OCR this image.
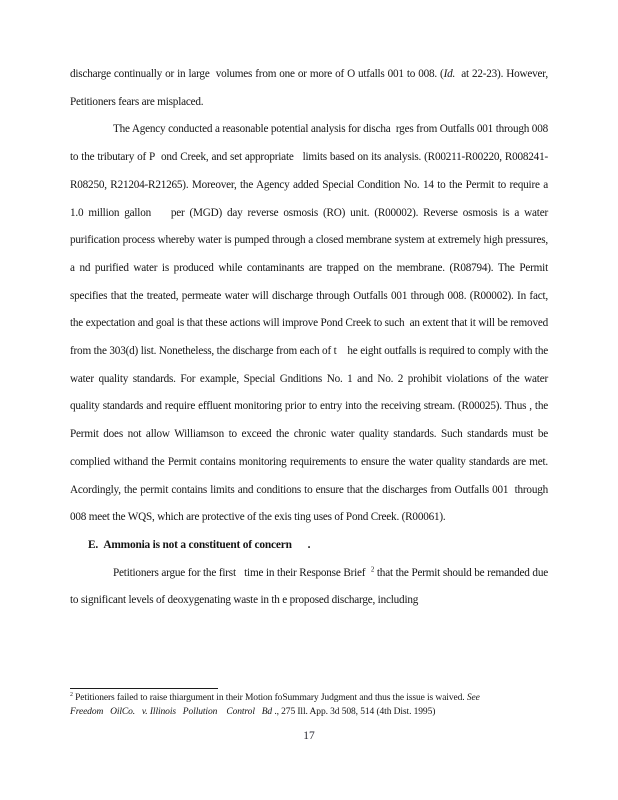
discharge continually or in large  volumes from one or more of O utfalls 001 to 008. (Id.  at 22-23). However, Petitioners fears are misplaced.

The Agency conducted a reasonable potential analysis for discha  rges from Outfalls 001 through 008 to the tributary of P  ond Creek, and set appropriate   limits based on its analysis. (R00211-R00220, R008241-R08250, R21204-R21265). Moreover, the Agency added Special Condition No. 14 to the Permit to require a 1.0 million gallon    per (MGD) day reverse osmosis (RO) unit. (R00002). Reverse osmosis is a water purification process whereby water is pumped through a closed membrane system at extremely high pressures, a nd purified water is produced while contaminants are trapped on the membrane. (R08794). The Permit specifies that the treated, permeate water will discharge through Outfalls 001 through 008. (R00002). In fact, the expectation and goal is that these actions will improve Pond Creek to such  an extent that it will be removed from the 303(d) list. Nonetheless, the discharge from each of t    he eight outfalls is required to comply with the water quality standards. For example, Special Gnditions No. 1 and No. 2 prohibit violations of the water quality standards and require effluent monitoring prior to entry into the receiving stream. (R00025). Thus , the Permit does not allow Williamson to exceed the chronic water quality standards. Such standards must be complied withand the Permit contains monitoring requirements to ensure the water quality standards are met. Acordingly, the permit contains limits and conditions to ensure that the discharges from Outfalls 001  through 008 meet the WQS, which are protective of the exis ting uses of Pond Creek. (R00061).

E.  Ammonia is not a constituent of concern      .

Petitioners argue for the first   time in their Response Brief  $^2$ that the Permit should be remanded due to significant levels of deoxygenating waste in th e proposed discharge, including

$^2$ Petitioners failed to raise thiargument in their Motion foSummary Judgment and thus the issue is waived. See Freedom   OilCo.   v. Illinois   Pollution    Control   Bd ., 275 Ill. App. 3d 508, 514 (4th Dist. 1995)

17
